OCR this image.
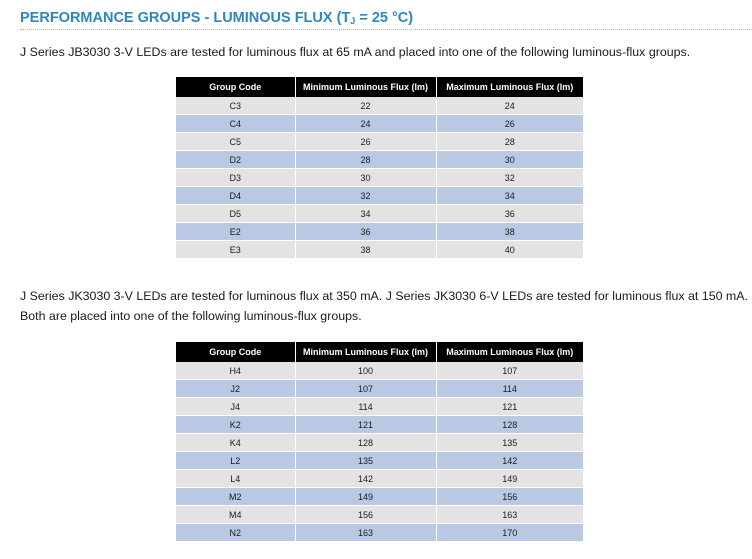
PERFORMANCE GROUPS - LUMINOUS FLUX ($T_J = 25$ °C)
J Series JB3030 3-V LEDs are tested for luminous flux at 65 mA and placed into one of the following luminous-flux groups.
Group Code	Minimum Luminous Flux (lm)	Maximum Luminous Flux (lm)
C3	22	24
C4	24	26
C5	26	28
D2	28	30
D3	30	32
D4	32	34
D5	34	36
E2	36	38
E3	38	40
J Series JK3030 3-V LEDs are tested for luminous flux at 350 mA. J Series JK3030 6-V LEDs are tested for luminous flux at 150 mA. Both are placed into one of the following luminous-flux groups.
Group Code	Minimum Luminous Flux (lm)	Maximum Luminous Flux (lm)
H4	100	107
J2	107	114
J4	114	121
K2	121	128
K4	128	135
L2	135	142
L4	142	149
M2	149	156
M4	156	163
N2	163	170
